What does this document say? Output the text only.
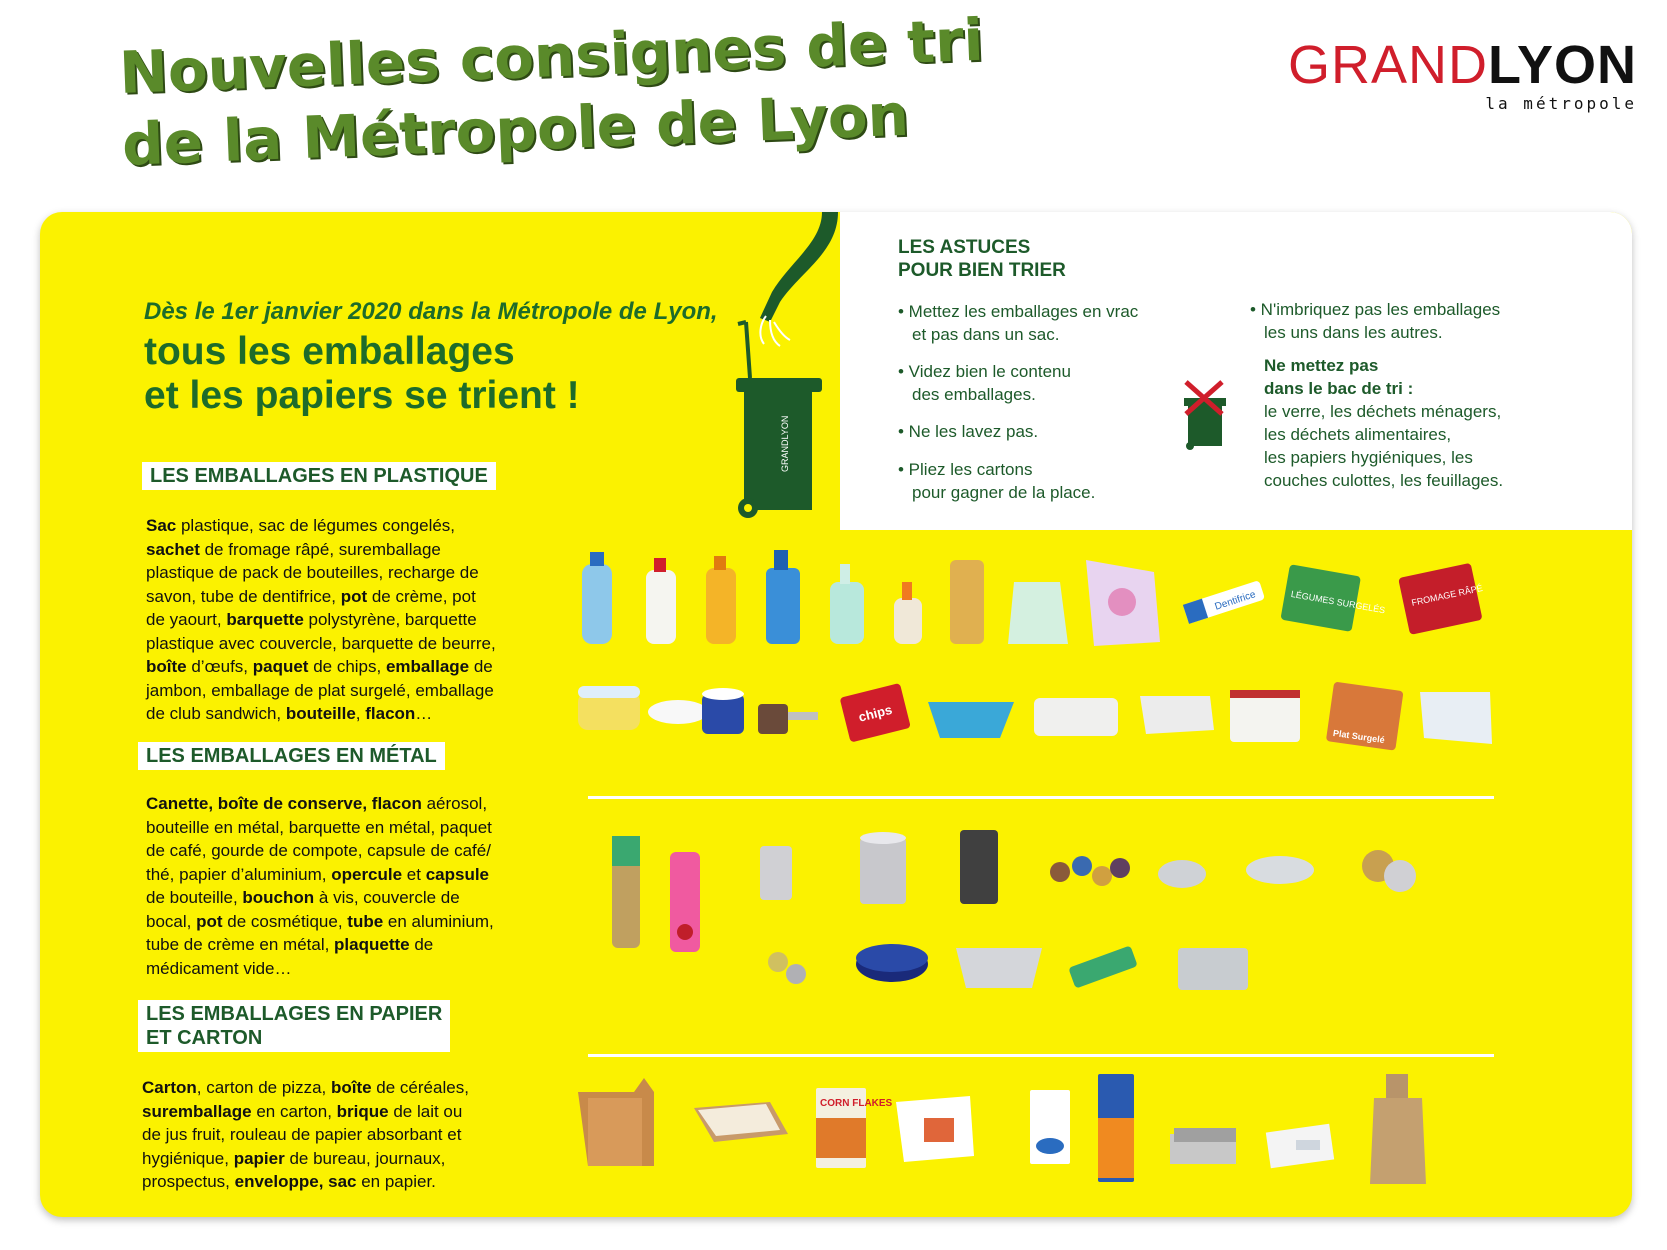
Nouvelles consignes de tri
de la Métropole de Lyon
GRANDLYON
la métropole
GRANDLYON
LES ASTUCES
POUR BIEN TRIER
• Mettez les emballages en vrac
et pas dans un sac.
• Videz bien le contenu
des emballages.
• Ne les lavez pas.
• Pliez les cartons
pour gagner de la place.
• N'imbriquez pas les emballages
les uns dans les autres.
Ne mettez pas
dans le bac de tri :
le verre, les déchets ménagers,
les déchets alimentaires,
les papiers hygiéniques, les
couches culottes, les feuillages.
Dès le 1er janvier 2020 dans la Métropole de Lyon,
tous les emballages
et les papiers se trient !
LES EMBALLAGES EN PLASTIQUE
LES EMBALLAGES EN MÉTAL
LES EMBALLAGES EN PAPIER
ET CARTON
Sac plastique, sac de légumes congelés,
sachet de fromage râpé, suremballage
plastique de pack de bouteilles, recharge de
savon, tube de dentifrice, pot de crème, pot
de yaourt, barquette polystyrène, barquette
plastique avec couvercle, barquette de beurre,
boîte d’œufs, paquet de chips, emballage de
jambon, emballage de plat surgelé, emballage
de club sandwich, bouteille, flacon…
Canette, boîte de conserve, flacon aérosol,
bouteille en métal, barquette en métal, paquet
de café, gourde de compote, capsule de café/
thé, papier d’aluminium, opercule et capsule
de bouteille, bouchon à vis, couvercle de
bocal, pot de cosmétique, tube en aluminium,
tube de crème en métal, plaquette de
médicament vide…
Carton, carton de pizza, boîte de céréales,
suremballage en carton, brique de lait ou
de jus fruit, rouleau de papier absorbant et
hygiénique, papier de bureau, journaux,
prospectus, enveloppe, sac en papier.
Dentifrice	LÉGUMES SURGELÉS	FROMAGE RÂPÉ
chips
Plat Surgelé
CORN FLAKES
